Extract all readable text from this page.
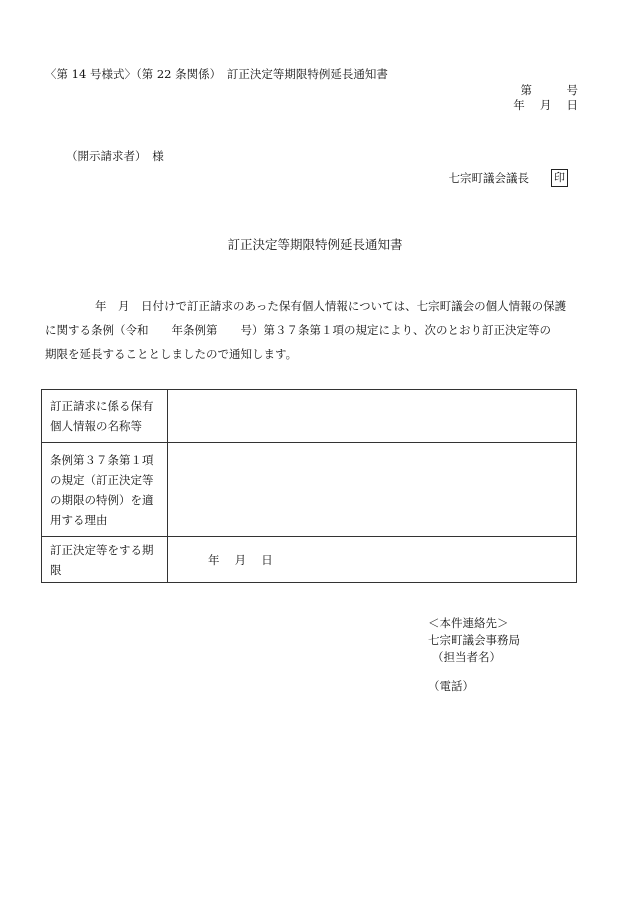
〈第 14 号様式〉（第 22 条関係）　訂正決定等期限特例延長通知書
第　　　号
年　 月　 日
（開示請求者）　様
七宗町議会議長 印
訂正決定等期限特例延長通知書

年　月　日付けで訂正請求のあった保有個人情報については、七宗町議会の個人情報の保護

に関する条例（令和　　年条例第　　号）第３７条第１項の規定により、次のとおり訂正決定等の

期限を延長することとしましたので通知します。

訂正請求に係る保有個人情報の名称等	
条例第３７条第１項の規定（訂正決定等の期限の特例）を適用する理由	
訂正決定等をする期限	年　 月　 日
＜本件連絡先＞
七宗町議会事務局
（担当者名）
（電話）
